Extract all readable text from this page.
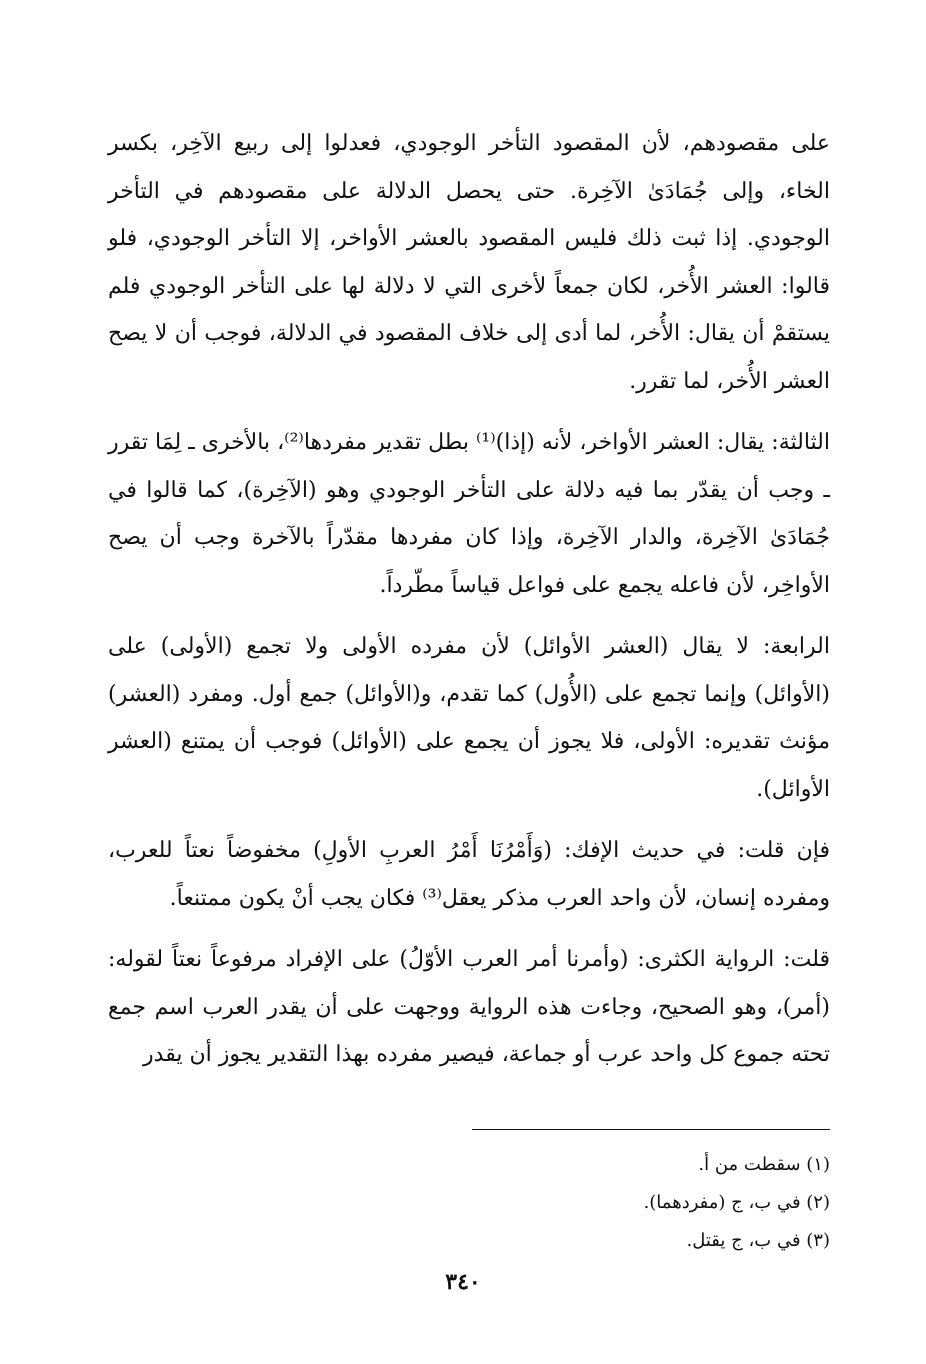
على مقصودهم، لأن المقصود التأخر الوجودي، فعدلوا إلى ربيع الآخِر، بكسر الخاء، وإلى جُمَادَىٰ الآخِرة. حتى يحصل الدلالة على مقصودهم في التأخر الوجودي. إذا ثبت ذلك فليس المقصود بالعشر الأواخر، إلا التأخر الوجودي، فلو قالوا: العشر الأُخر، لكان جمعاً لأخرى التي لا دلالة لها على التأخر الوجودي فلم يستقمْ أن يقال: الأُخر، لما أدى إلى خلاف المقصود في الدلالة، فوجب أن لا يصح العشر الأُخر، لما تقرر.

الثالثة: يقال: العشر الأواخر، لأنه (إذا)⁽¹⁾ بطل تقدير مفردها⁽²⁾، بالأخرى ـ لِمَا تقرر ـ وجب أن يقدّر بما فيه دلالة على التأخر الوجودي وهو (الآخِرة)، كما قالوا في جُمَادَىٰ الآخِرة، والدار الآخِرة، وإذا كان مفردها مقدّراً بالآخرة وجب أن يصح الأواخِر، لأن فاعله يجمع على فواعل قياساً مطّرداً.

الرابعة: لا يقال (العشر الأوائل) لأن مفرده الأولى ولا تجمع (الأولى) على (الأوائل) وإنما تجمع على (الأُول) كما تقدم، و(الأوائل) جمع أول. ومفرد (العشر) مؤنث تقديره: الأولى، فلا يجوز أن يجمع على (الأوائل) فوجب أن يمتنع (العشر الأوائل).

فإن قلت: في حديث الإفك: (وَأَمْرُنَا أَمْرُ العربِ الأولِ) مخفوضاً نعتاً للعرب، ومفرده إنسان، لأن واحد العرب مذكر يعقل⁽³⁾ فكان يجب أنْ يكون ممتنعاً.

قلت: الرواية الكثرى: (وأمرنا أمر العرب الأوّلُ) على الإفراد مرفوعاً نعتاً لقوله: (أمر)، وهو الصحيح، وجاءت هذه الرواية ووجهت على أن يقدر العرب اسم جمع تحته جموع كل واحد عرب أو جماعة، فيصير مفرده بهذا التقدير يجوز أن يقدر

(١) سقطت من أ.

(٢) في ب، ج (مفردهما).

(٣) في ب، ج يقتل.

٣٤٠
